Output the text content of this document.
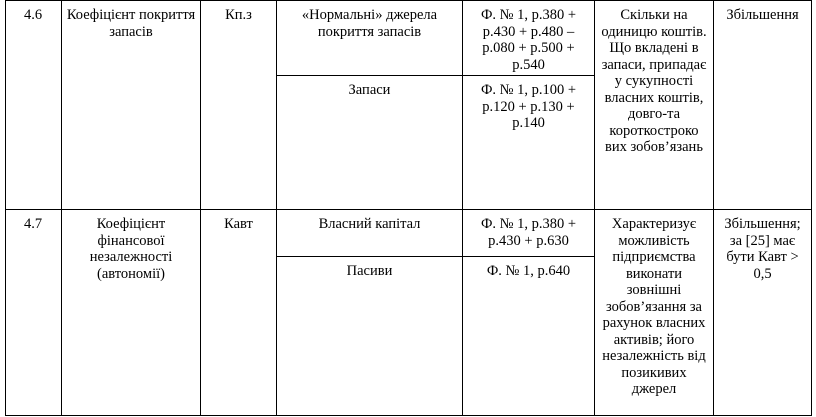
4.6	Коефіцієнт покриття запасів	Кп.з	«Нормальні» джерела покриття запасів	Ф. № 1, р.380 + р.430 + р.480 – р.080 + р.500 + р.540	Скільки на одиницю коштів. Що вкладені в запаси, припадає у сукупності власних коштів, довго-та короткостроко вих зобов’язань	Збільшення
			Запаси	Ф. № 1, р.100 + р.120 + р.130 + р.140		
4.7	Коефіцієнт фінансової незалежності (автономії)	Кавт	Власний капітал	Ф. № 1, р.380 + р.430 + р.630	Характеризує можливість підприємства виконати зовнішні зобов’язання за рахунок власних активів; його незалежність від позикивих джерел	Збільшення; за [25] має бути Кавт > 0,5
			Пасиви	Ф. № 1, р.640		
